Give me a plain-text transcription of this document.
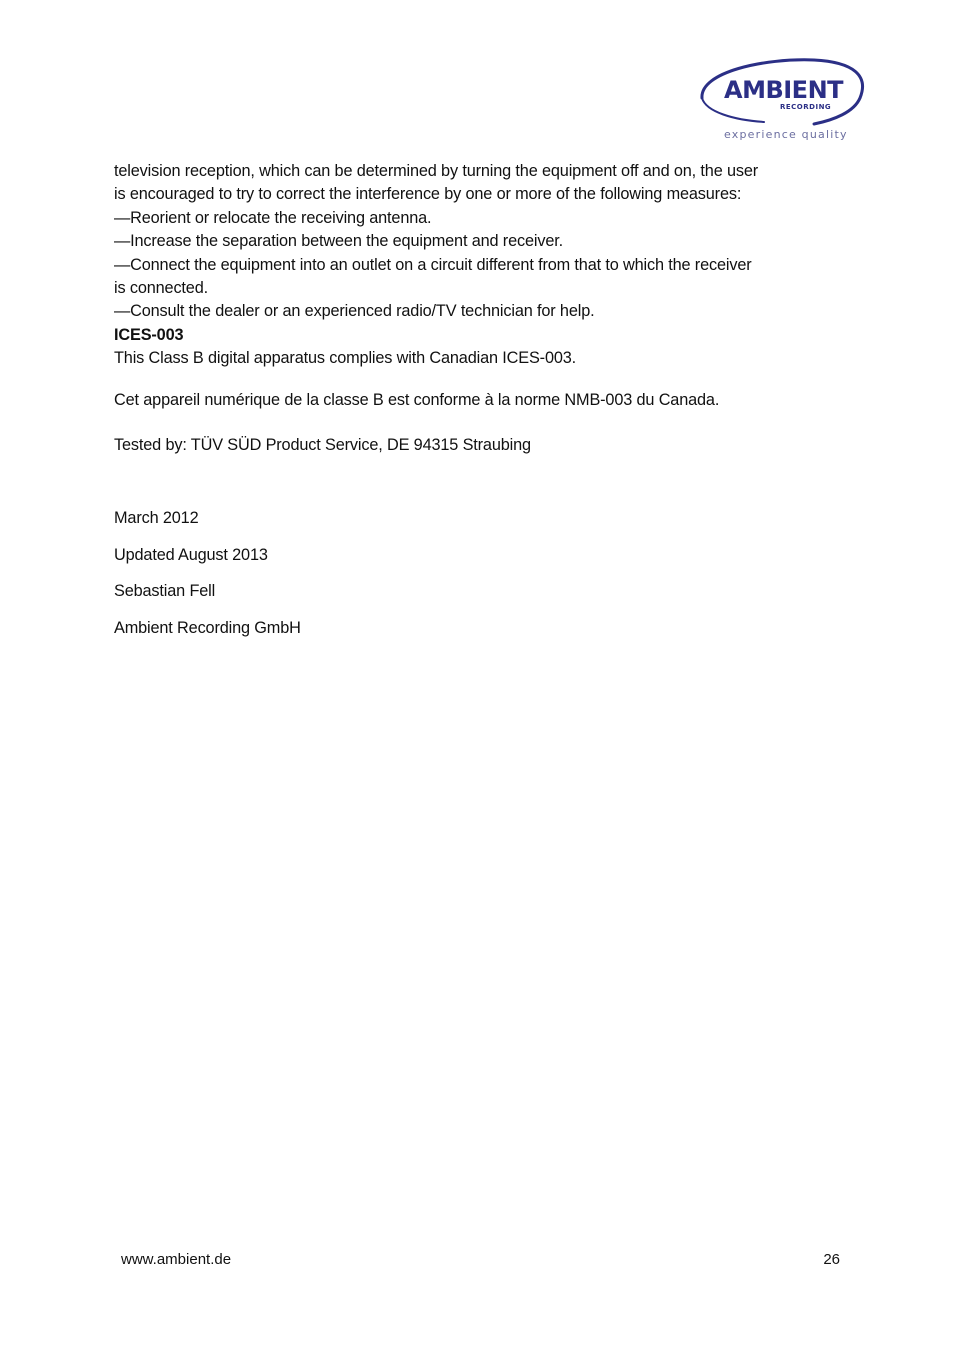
AMBIENT
RECORDING
experience quality
television reception, which can be determined by turning the equipment off and on, the user
is encouraged to try to correct the interference by one or more of the following measures:
—Reorient or relocate the receiving antenna.
—Increase the separation between the equipment and receiver.
—Connect the equipment into an outlet on a circuit different from that to which the receiver
is connected.
—Consult the dealer or an experienced radio/TV technician for help.
ICES-003
This Class B digital apparatus complies with Canadian ICES-003.
Cet appareil numérique de la classe B est conforme à la norme NMB-003 du Canada.
Tested by: TÜV SÜD Product Service, DE 94315 Straubing
March 2012
Updated August 2013
Sebastian Fell
Ambient Recording GmbH
www.ambient.de	26
